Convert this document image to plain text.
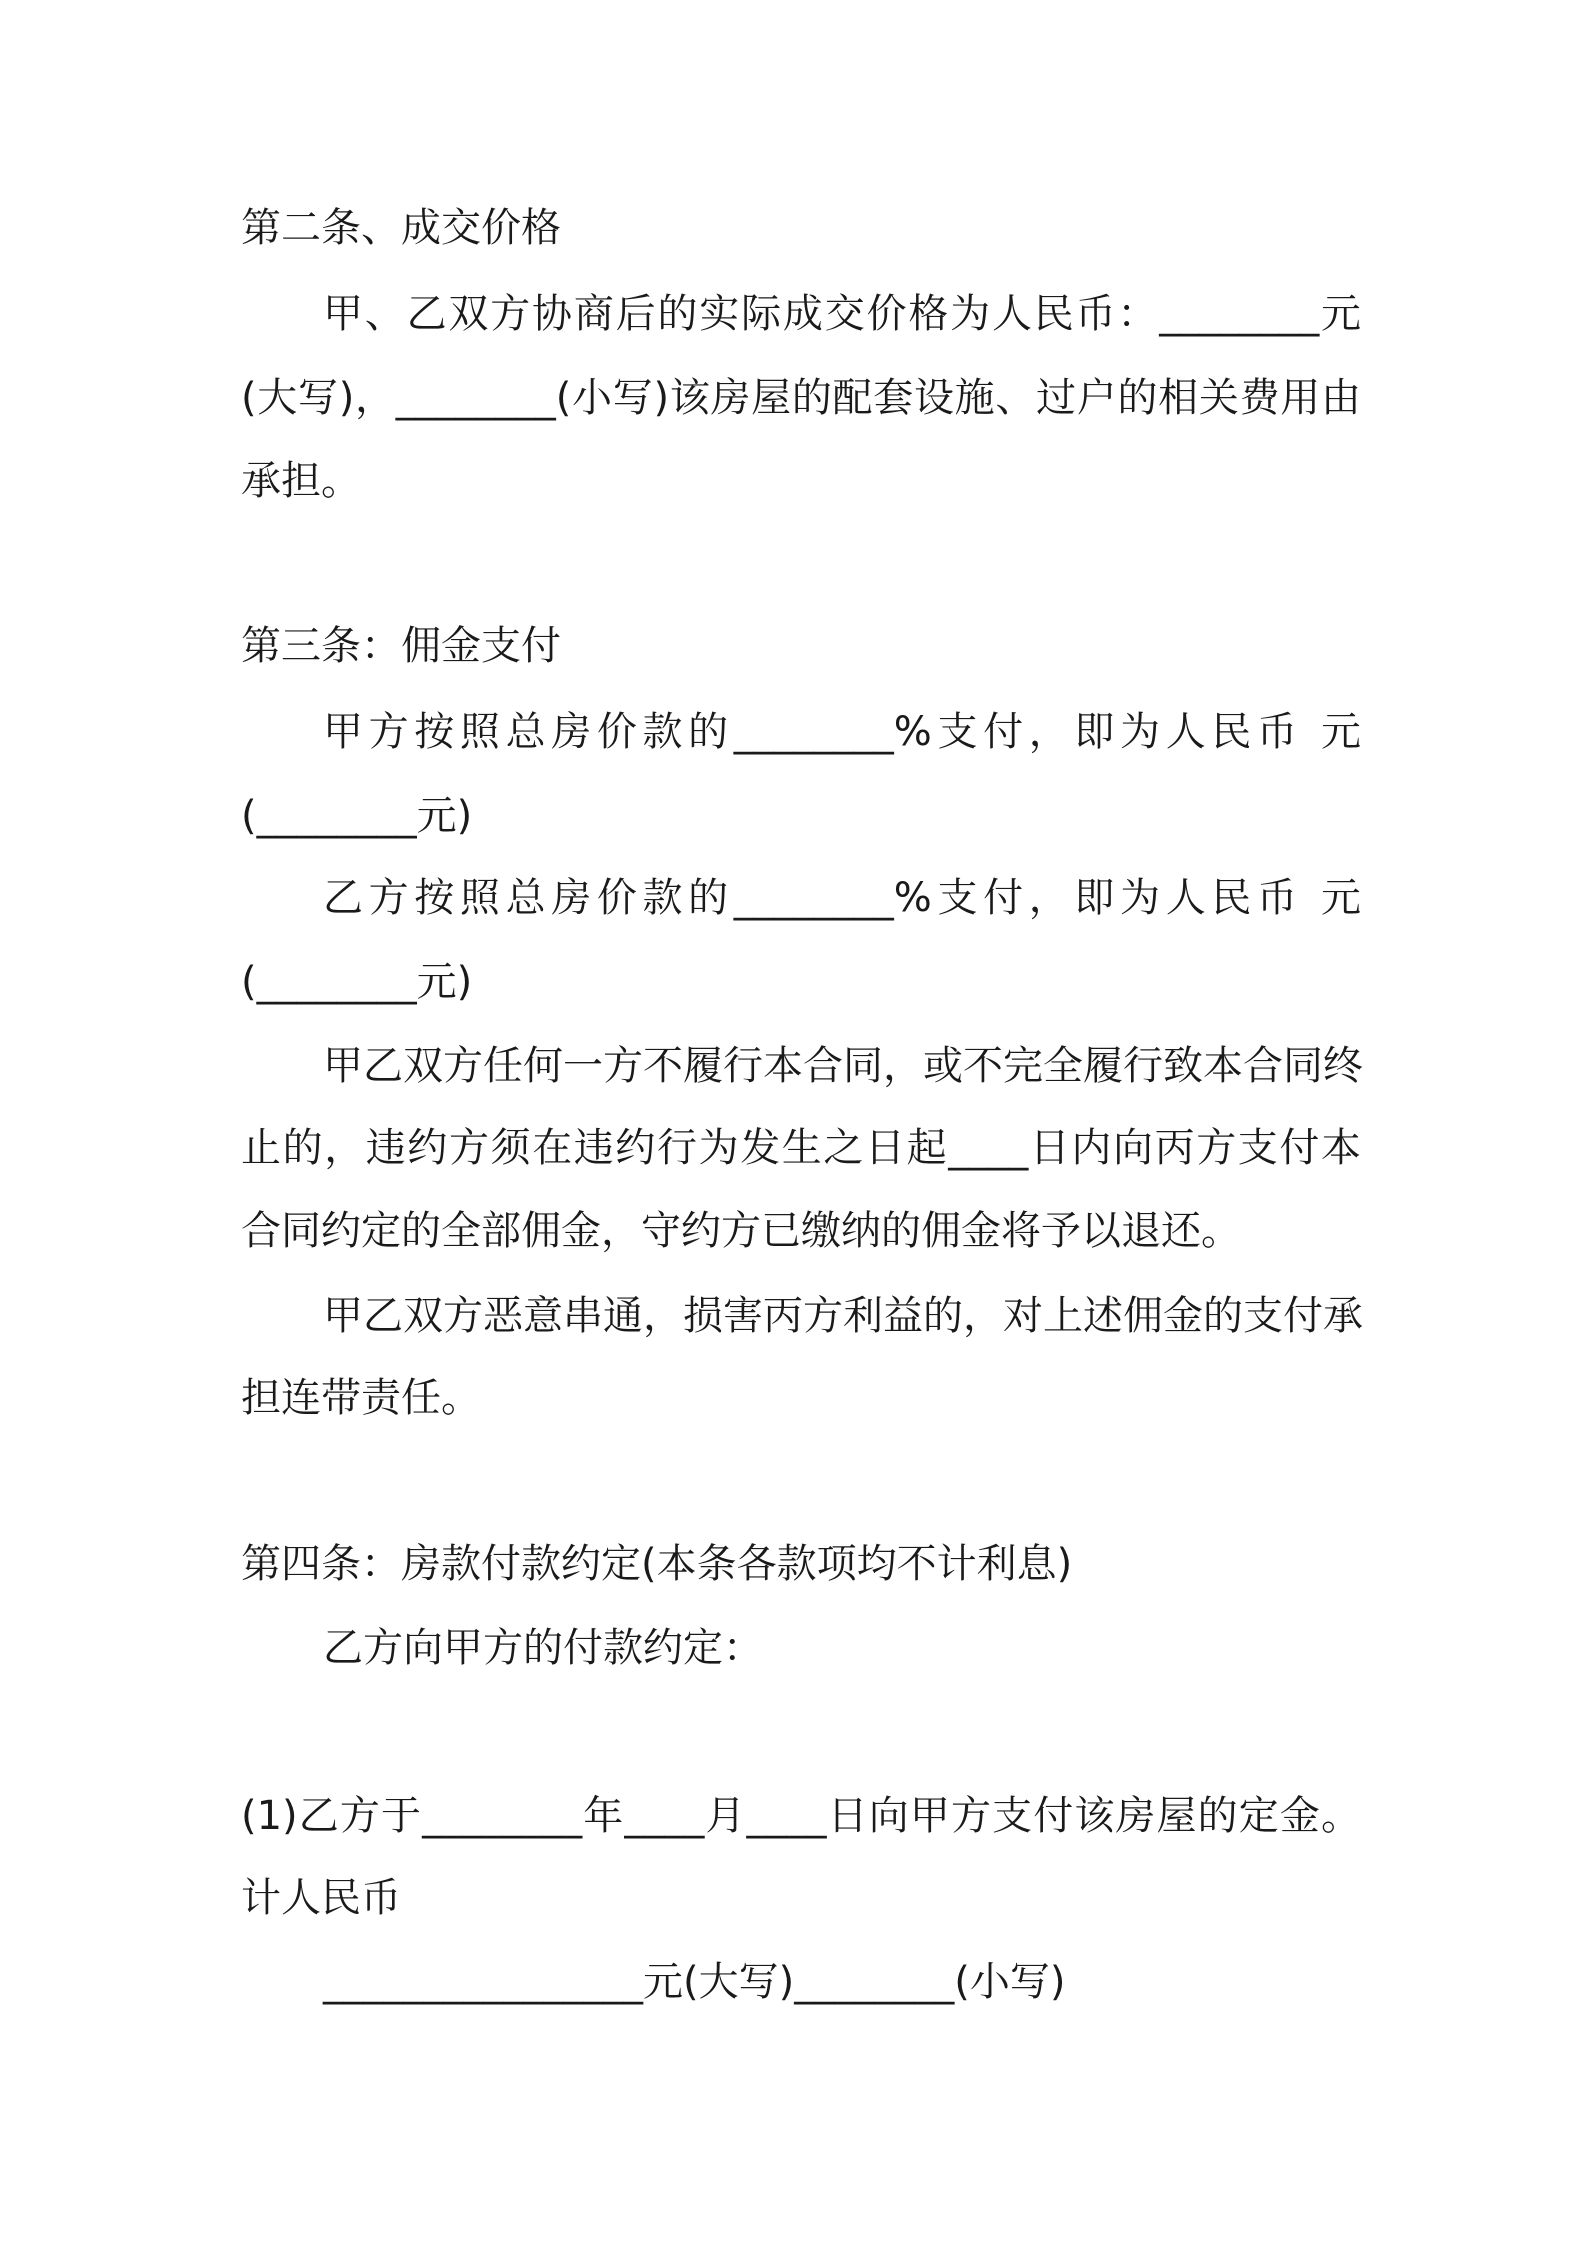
第二条、成交价格
甲、乙双方协商后的实际成交价格为人民币：________元
(大写)，________(小写)该房屋的配套设施、过户的相关费用由
承担。
第三条：佣金支付
甲方按照总房价款的________%支付，即为人民币 元
(________元)
乙方按照总房价款的________%支付，即为人民币 元
(________元)
甲乙双方任何一方不履行本合同，或不完全履行致本合同终
止的，违约方须在违约行为发生之日起____日内向丙方支付本
合同约定的全部佣金，守约方已缴纳的佣金将予以退还。
甲乙双方恶意串通，损害丙方利益的，对上述佣金的支付承
担连带责任。
第四条：房款付款约定(本条各款项均不计利息)
乙方向甲方的付款约定：
(1)乙方于________年____月____日向甲方支付该房屋的定金。
计人民币
________________元(大写)________(小写)
